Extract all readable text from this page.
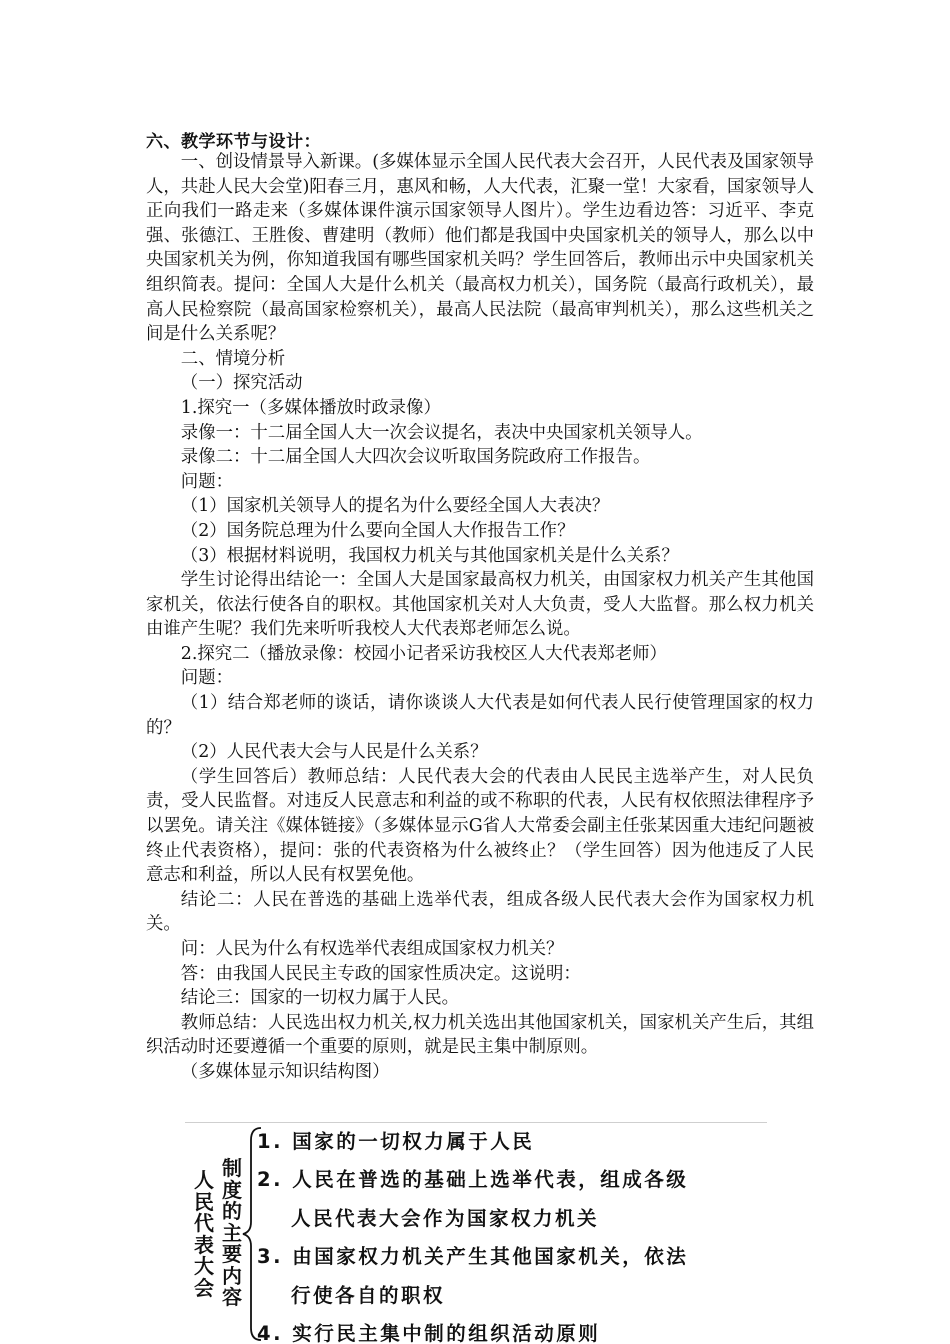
六、教学环节与设计：

一、创设情景导入新课。(多媒体显示全国人民代表大会召开，人民代表及国家领导人，共赴人民大会堂)阳春三月，惠风和畅，人大代表，汇聚一堂！大家看，国家领导人正向我们一路走来（多媒体课件演示国家领导人图片）。学生边看边答：习近平、李克强、张德江、王胜俊、曹建明（教师）他们都是我国中央国家机关的领导人，那么以中央国家机关为例，你知道我国有哪些国家机关吗？学生回答后，教师出示中央国家机关组织简表。提问：全国人大是什么机关（最高权力机关），国务院（最高行政机关），最高人民检察院（最高国家检察机关），最高人民法院（最高审判机关），那么这些机关之间是什么关系呢？

二、情境分析

（一）探究活动

1.探究一（多媒体播放时政录像）

录像一：十二届全国人大一次会议提名，表决中央国家机关领导人。

录像二：十二届全国人大四次会议听取国务院政府工作报告。

问题：

（1）国家机关领导人的提名为什么要经全国人大表决？

（2）国务院总理为什么要向全国人大作报告工作？

（3）根据材料说明，我国权力机关与其他国家机关是什么关系？

学生讨论得出结论一：全国人大是国家最高权力机关，由国家权力机关产生其他国家机关，依法行使各自的职权。其他国家机关对人大负责，受人大监督。那么权力机关由谁产生呢？我们先来听听我校人大代表郑老师怎么说。

2.探究二（播放录像：校园小记者采访我校区人大代表郑老师）

问题：

（1）结合郑老师的谈话，请你谈谈人大代表是如何代表人民行使管理国家的权力的？

（2）人民代表大会与人民是什么关系？

（学生回答后）教师总结：人民代表大会的代表由人民民主选举产生，对人民负责，受人民监督。对违反人民意志和利益的或不称职的代表，人民有权依照法律程序予以罢免。请关注《媒体链接》（多媒体显示G省人大常委会副主任张某因重大违纪问题被终止代表资格），提问：张的代表资格为什么被终止？（学生回答）因为他违反了人民意志和利益，所以人民有权罢免他。

结论二：人民在普选的基础上选举代表，组成各级人民代表大会作为国家权力机关。

问：人民为什么有权选举代表组成国家权力机关？

答：由我国人民民主专政的国家性质决定。这说明：

结论三：国家的一切权力属于人民。

教师总结：人民选出权力机关,权力机关选出其他国家机关，国家机关产生后，其组织活动时还要遵循一个重要的原则，就是民主集中制原则。

（多媒体显示知识结构图）

人
民
代
表
大
会
制
度
的
主
要
内
容
1. 国家的一切权力属于人民
2. 人民在普选的基础上选举代表，组成各级
人民代表大会作为国家权力机关
3. 由国家权力机关产生其他国家机关，依法
行使各自的职权
4. 实行民主集中制的组织活动原则
